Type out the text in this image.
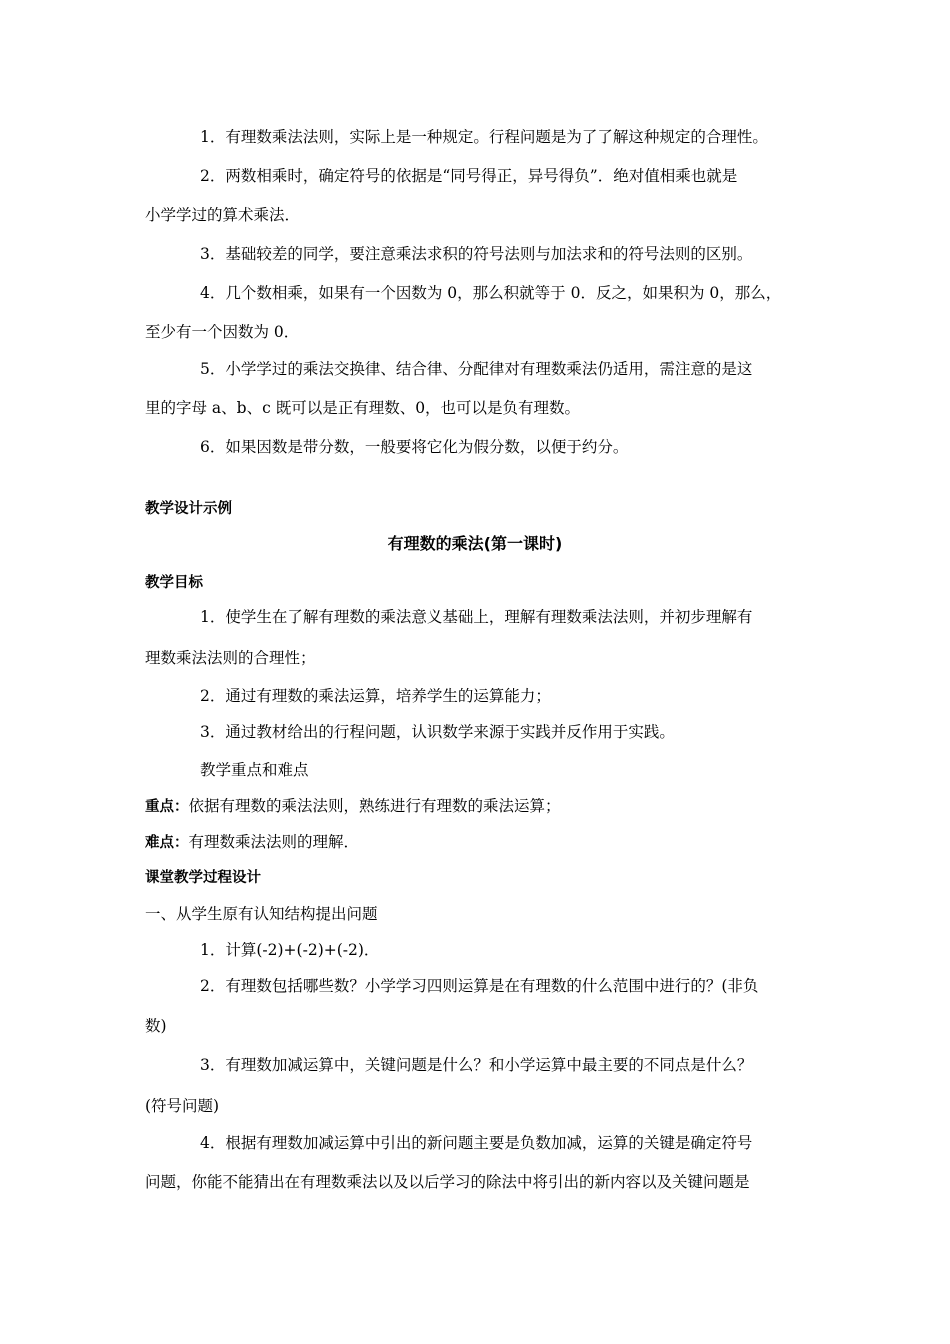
1．有理数乘法法则，实际上是一种规定。行程问题是为了了解这种规定的合理性。

2．两数相乘时，确定符号的依据是“同号得正，异号得负”．绝对值相乘也就是

小学学过的算术乘法．

3．基础较差的同学，要注意乘法求积的符号法则与加法求和的符号法则的区别。

4．几个数相乘，如果有一个因数为 0，那么积就等于 0．反之，如果积为 0，那么，

至少有一个因数为 0．

5．小学学过的乘法交换律、结合律、分配律对有理数乘法仍适用，需注意的是这

里的字母 a、b、c 既可以是正有理数、0，也可以是负有理数。

6．如果因数是带分数，一般要将它化为假分数，以便于约分。

教学设计示例

有理数的乘法(第一课时)

教学目标

1．使学生在了解有理数的乘法意义基础上，理解有理数乘法法则，并初步理解有

理数乘法法则的合理性；

2．通过有理数的乘法运算，培养学生的运算能力；

3．通过教材给出的行程问题，认识数学来源于实践并反作用于实践。

教学重点和难点

重点：依据有理数的乘法法则，熟练进行有理数的乘法运算；

难点：有理数乘法法则的理解．

课堂教学过程设计

一、从学生原有认知结构提出问题

1．计算(-2)+(-2)+(-2)．

2．有理数包括哪些数？小学学习四则运算是在有理数的什么范围中进行的？(非负

数)

3．有理数加减运算中，关键问题是什么？和小学运算中最主要的不同点是什么？

(符号问题)

4．根据有理数加减运算中引出的新问题主要是负数加减，运算的关键是确定符号

问题，你能不能猜出在有理数乘法以及以后学习的除法中将引出的新内容以及关键问题是
